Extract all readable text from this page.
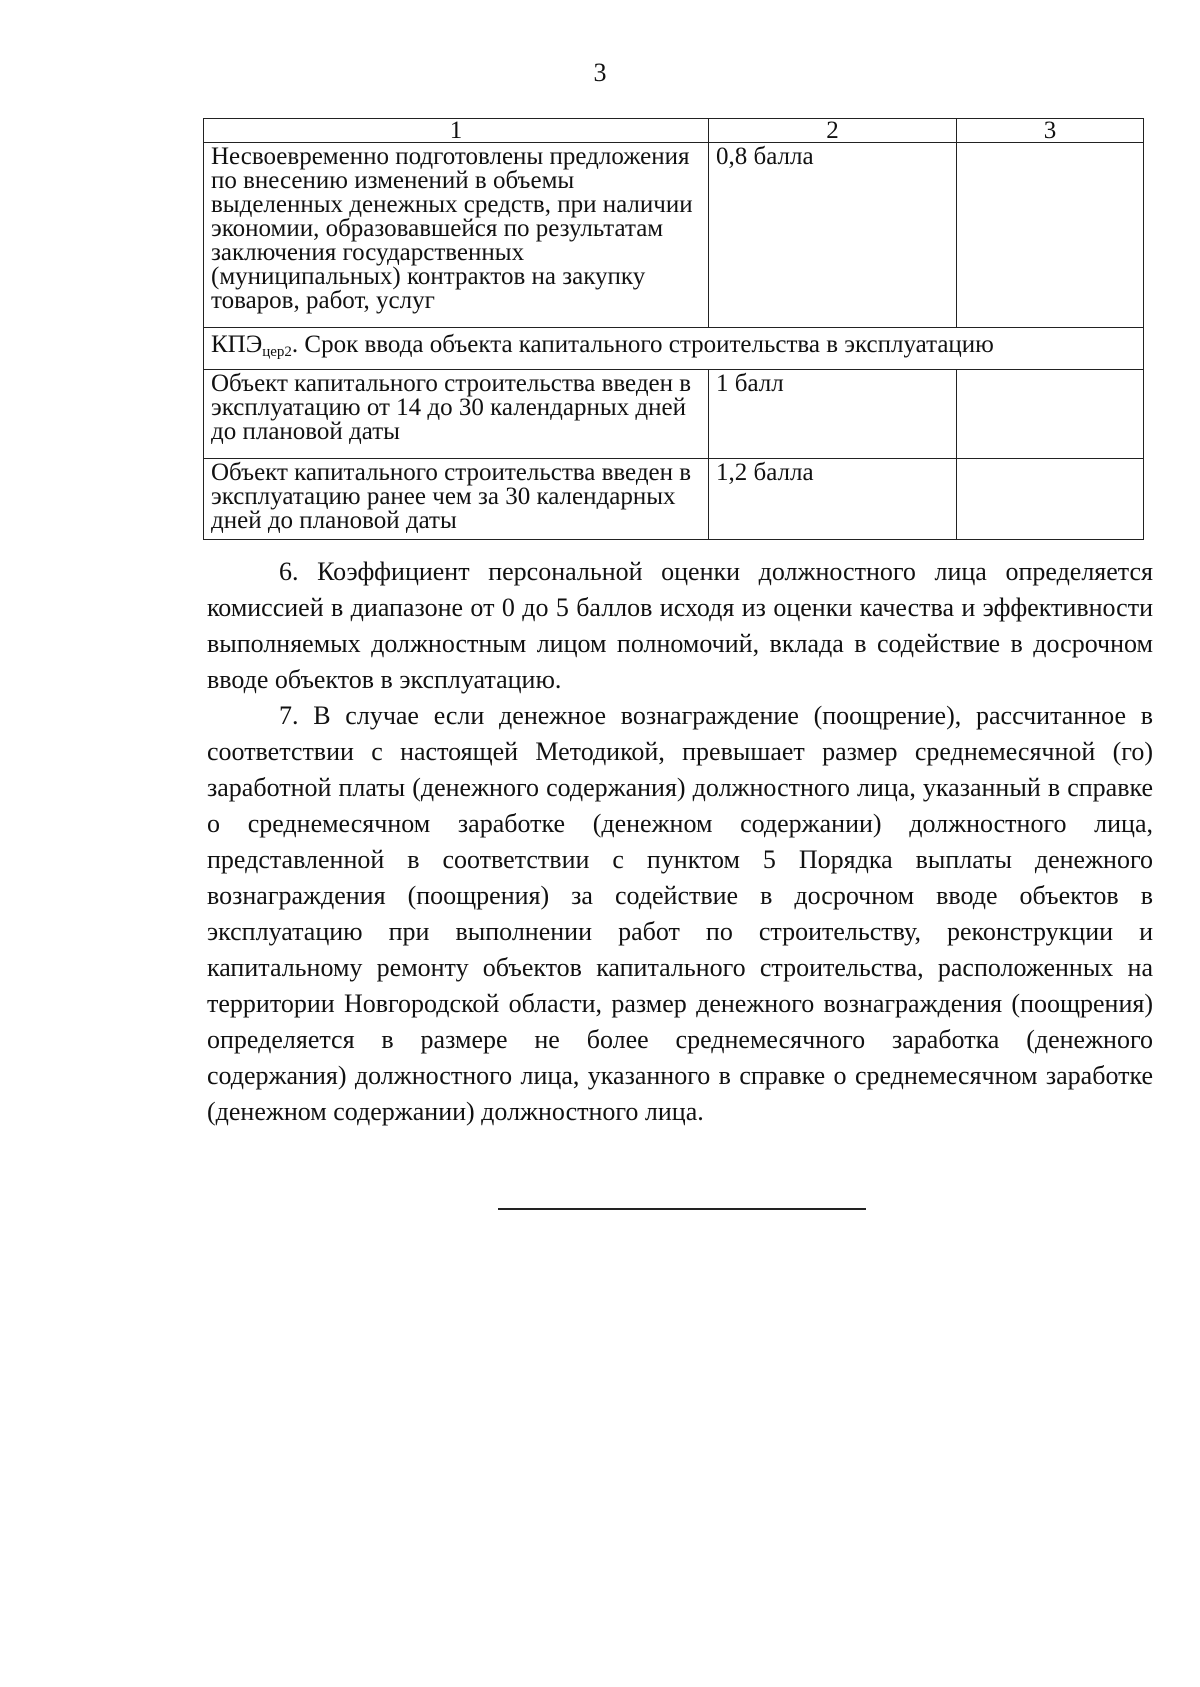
3
1	2	3
Несвоевременно подготовлены предложения по внесению изменений в объемы выделенных денежных средств, при наличии экономии, образовавшейся по результатам заключения государственных (муниципальных) контрактов на закупку товаров, работ, услуг	0,8 балла	
$КПЭ_{цер2}$. Срок ввода объекта капитального строительства в эксплуатацию		
Объект капитального строительства введен в эксплуатацию от 14 до 30 календарных дней до плановой даты	1 балл	
Объект капитального строительства введен в эксплуатацию ранее чем за 30 календарных дней до плановой даты	1,2 балла	

6. Коэффициент персональной оценки должностного лица определяется комиссией в диапазоне от 0 до 5 баллов исходя из оценки качества и эффективности выполняемых должностным лицом полномочий, вклада в содействие в досрочном вводе объектов в эксплуатацию.

7. В случае если денежное вознаграждение (поощрение), рассчитанное в соответствии с настоящей Методикой, превышает размер среднемесячной (го) заработной платы (денежного содержания) должностного лица, указанный в справке о среднемесячном заработке (денежном содержании) должностного лица, представленной в соответствии с пунктом 5 Порядка выплаты денежного вознаграждения (поощрения) за содействие в досрочном вводе объектов в эксплуатацию при выполнении работ по строительству, реконструкции и капитальному ремонту объектов капитального строительства, расположенных на территории Новгородской области, размер денежного вознаграждения (поощрения) определяется в размере не более среднемесячного заработка (денежного содержания) должностного лица, указанного в справке о среднемесячном заработке (денежном содержании) должностного лица.
